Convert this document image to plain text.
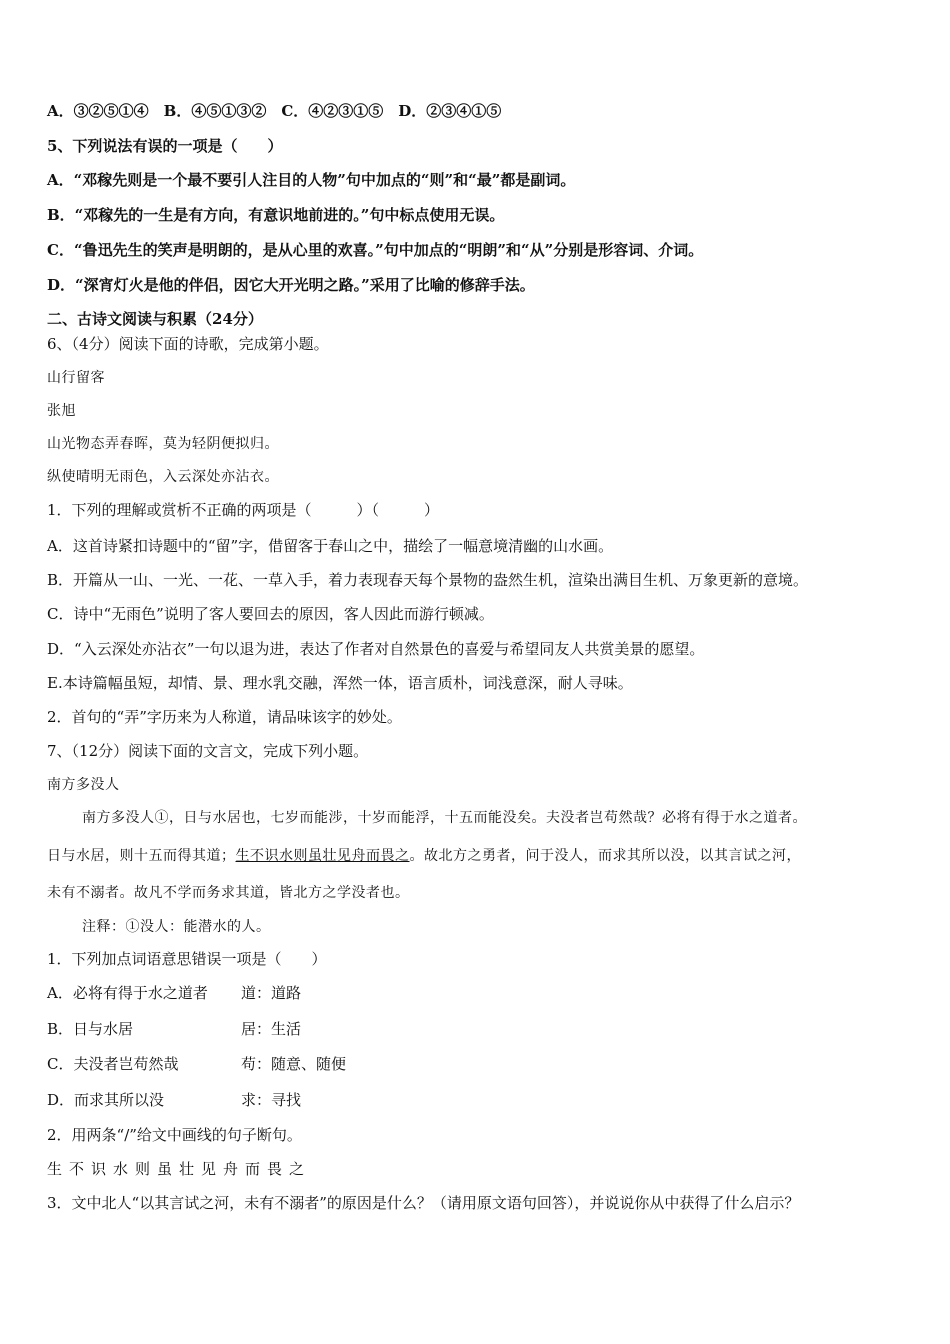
A．③②⑤①④　B．④⑤①③②　C．④②③①⑤　D．②③④①⑤
5、下列说法有误的一项是（　　）
A．“邓稼先则是一个最不要引人注目的人物”句中加点的“则”和“最”都是副词。
B．“邓稼先的一生是有方向，有意识地前进的。”句中标点使用无误。
C．“鲁迅先生的笑声是明朗的，是从心里的欢喜。”句中加点的“明朗”和“从”分别是形容词、介词。
D．“深宵灯火是他的伴侣，因它大开光明之路。”采用了比喻的修辞手法。
二、古诗文阅读与积累（24分）
6、（4分）阅读下面的诗歌，完成第小题。
山行留客
张旭
山光物态弄春晖，莫为轻阴便拟归。
纵使晴明无雨色，入云深处亦沾衣。
1．下列的理解或赏析不正确的两项是（　　　）（　　　）
A．这首诗紧扣诗题中的“留”字，借留客于春山之中，描绘了一幅意境清幽的山水画。
B．开篇从一山、一光、一花、一草入手，着力表现春天每个景物的盎然生机，渲染出满目生机、万象更新的意境。
C．诗中“无雨色”说明了客人要回去的原因，客人因此而游行顿减。
D．“入云深处亦沾衣”一句以退为进，表达了作者对自然景色的喜爱与希望同友人共赏美景的愿望。
E.本诗篇幅虽短，却情、景、理水乳交融，浑然一体，语言质朴，词浅意深，耐人寻味。
2．首句的“弄”字历来为人称道，请品味该字的妙处。
7、（12分）阅读下面的文言文，完成下列小题。
南方多没人
南方多没人①，日与水居也，七岁而能涉，十岁而能浮，十五而能没矣。夫没者岂苟然哉？必将有得于水之道者。
日与水居，则十五而得其道；生不识水则虽壮见舟而畏之。故北方之勇者，问于没人，而求其所以没，以其言试之河，
未有不溺者。故凡不学而务求其道，皆北方之学没者也。
注释：①没人：能潜水的人。
1．下列加点词语意思错误一项是（　　）
A．必将有得于水之道者 道：道路
B．日与水居	居：生活
C．夫没者岂苟然哉	苟：随意、随便
D．而求其所以没	求：寻找
2．用两条“/”给文中画线的句子断句。
生不识水则虽壮见舟而畏之
3．文中北人“以其言试之河，未有不溺者”的原因是什么？（请用原文语句回答），并说说你从中获得了什么启示？
